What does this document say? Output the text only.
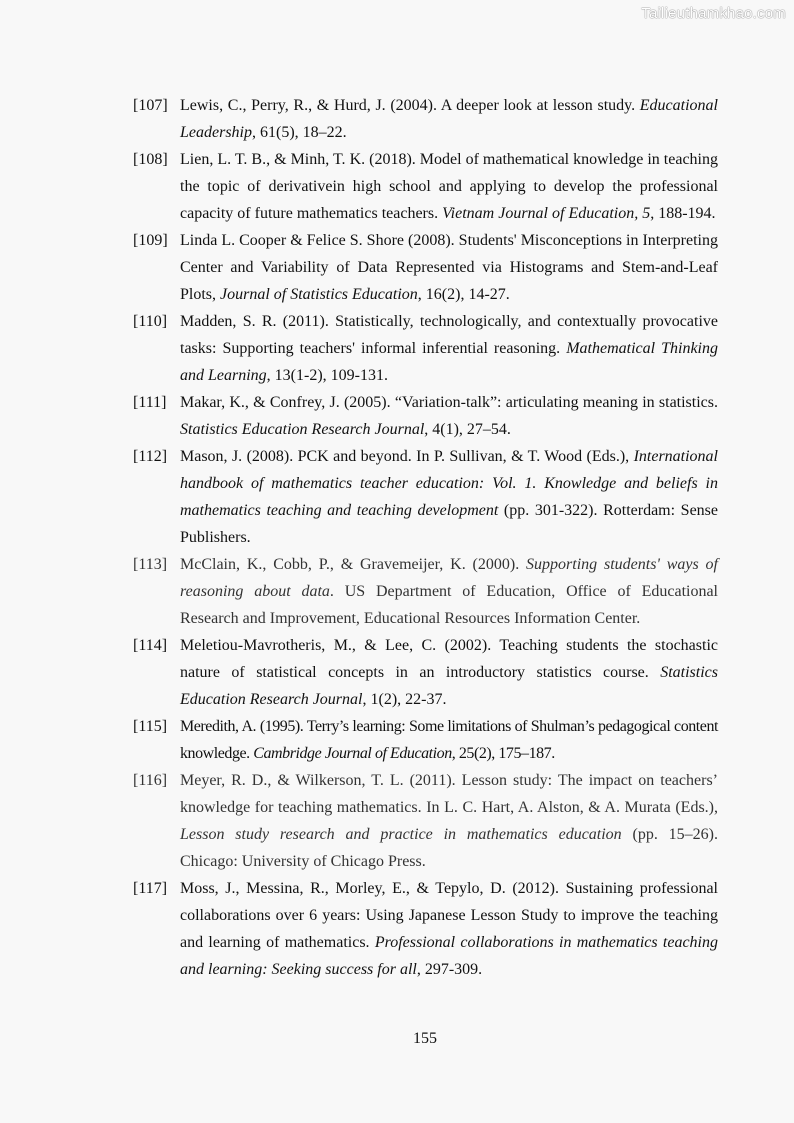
Tailieuthamkhao.com
[107] Lewis, C., Perry, R., & Hurd, J. (2004). A deeper look at lesson study. Educational Leadership, 61(5), 18–22.
[108] Lien, L. T. B., & Minh, T. K. (2018). Model of mathematical knowledge in teaching the topic of derivativein high school and applying to develop the professional capacity of future mathematics teachers. Vietnam Journal of Education, 5, 188-194.
[109] Linda L. Cooper & Felice S. Shore (2008). Students' Misconceptions in Interpreting Center and Variability of Data Represented via Histograms and Stem-and-Leaf Plots, Journal of Statistics Education, 16(2), 14-27.
[110] Madden, S. R. (2011). Statistically, technologically, and contextually provocative tasks: Supporting teachers' informal inferential reasoning. Mathematical Thinking and Learning, 13(1-2), 109-131.
[111] Makar, K., & Confrey, J. (2005). “Variation-talk”: articulating meaning in statistics. Statistics Education Research Journal, 4(1), 27–54.
[112] Mason, J. (2008). PCK and beyond. In P. Sullivan, & T. Wood (Eds.), International handbook of mathematics teacher education: Vol. 1. Knowledge and beliefs in mathematics teaching and teaching development (pp. 301-322). Rotterdam: Sense Publishers.
[113] McClain, K., Cobb, P., & Gravemeijer, K. (2000). Supporting students' ways of reasoning about data. US Department of Education, Office of Educational Research and Improvement, Educational Resources Information Center.
[114] Meletiou-Mavrotheris, M., & Lee, C. (2002). Teaching students the stochastic nature of statistical concepts in an introductory statistics course. Statistics Education Research Journal, 1(2), 22-37.
[115] Meredith, A. (1995). Terry’s learning: Some limitations of Shulman’s pedagogical content knowledge. Cambridge Journal of Education, 25(2), 175–187.
[116] Meyer, R. D., & Wilkerson, T. L. (2011). Lesson study: The impact on teachers’ knowledge for teaching mathematics. In L. C. Hart, A. Alston, & A. Murata (Eds.), Lesson study research and practice in mathematics education (pp. 15–26). Chicago: University of Chicago Press.
[117] Moss, J., Messina, R., Morley, E., & Tepylo, D. (2012). Sustaining professional collaborations over 6 years: Using Japanese Lesson Study to improve the teaching and learning of mathematics. Professional collaborations in mathematics teaching and learning: Seeking success for all, 297-309.
155
